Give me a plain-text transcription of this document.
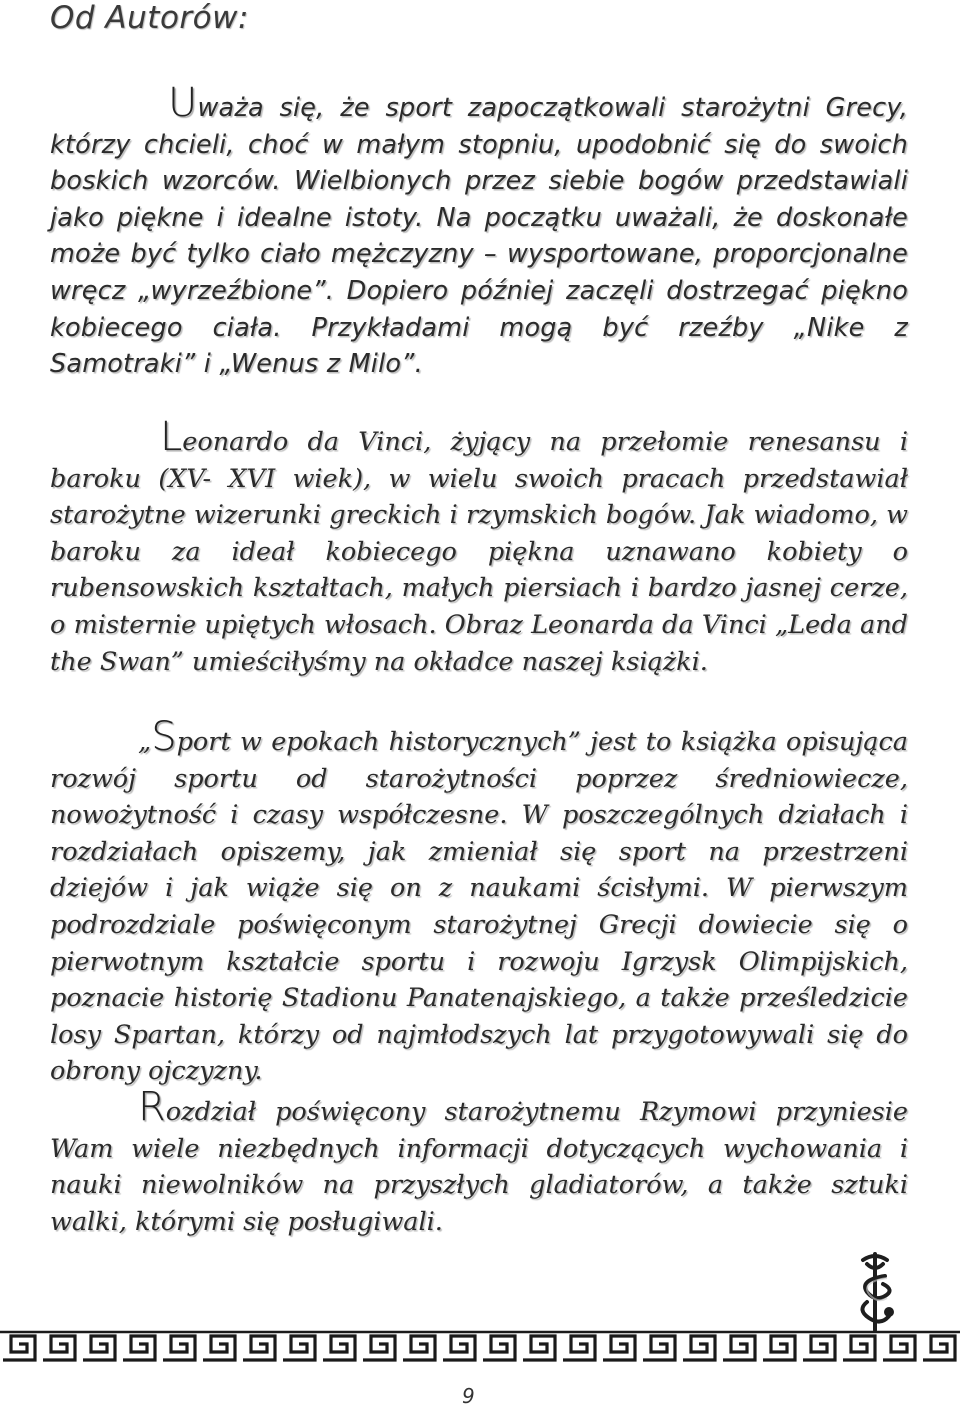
Od Autorów:

Uważa się, że sport zapoczątkowali starożytni Grecy, którzy chcieli, choć w małym stopniu, upodobnić się do swoich boskich wzorców. Wielbionych przez siebie bogów przedstawiali jako piękne i idealne istoty. Na początku uważali, że doskonałe może być tylko ciało mężczyzny – wysportowane, proporcjonalne wręcz „wyrzeźbione”. Dopiero później zaczęli dostrzegać piękno kobiecego ciała. Przykładami mogą być rzeźby „Nike z Samotraki” i „Wenus z Milo”.

Leonardo da Vinci, żyjący na przełomie renesansu i baroku (XV- XVI wiek), w wielu swoich pracach przedstawiał starożytne wizerunki greckich i rzymskich bogów. Jak wiadomo, w baroku za ideał kobiecego piękna uznawano kobiety o rubensowskich kształtach, małych piersiach i bardzo jasnej cerze, o misternie upiętych włosach. Obraz Leonarda da Vinci „Leda and the Swan” umieściłyśmy na okładce naszej książki.

„Sport w epokach historycznych” jest to książka opisująca rozwój sportu od starożytności poprzez średniowiecze, nowożytność i czasy współczesne. W poszczególnych działach i rozdziałach opiszemy, jak zmieniał się sport na przestrzeni dziejów i jak wiąże się on z naukami ścisłymi. W pierwszym podrozdziale poświęconym starożytnej Grecji dowiecie się o pierwotnym kształcie sportu i rozwoju Igrzysk Olimpijskich, poznacie historię Stadionu Panatenajskiego, a także prześledzicie losy Spartan, którzy od najmłodszych lat przygotowywali się do obrony ojczyzny.

Rozdział poświęcony starożytnemu Rzymowi przyniesie Wam wiele niezbędnych informacji dotyczących wychowania i nauki niewolników na przyszłych gladiatorów, a także sztuki walki, którymi się posługiwali.

9
